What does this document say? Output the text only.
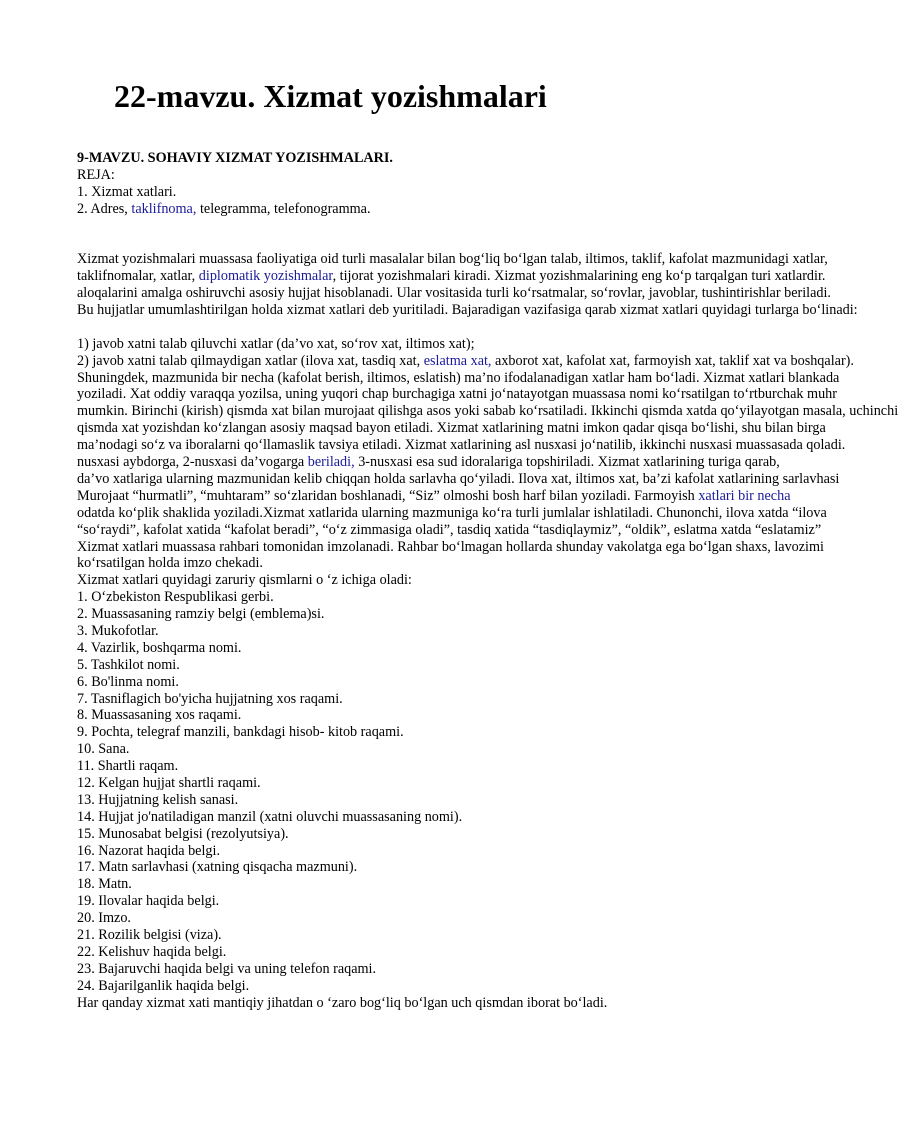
22-mavzu. Xizmat yozishmalari
9-MAVZU. SOHAVIY XIZMAT YOZISHMALARI.
REJA:
1. Xizmat xatlari.
2. Adres, taklifnoma, telegramma, telefonogramma.
Xizmat yozishmalari muassasa faoliyatiga oid turli masalalar bilan bog‘liq bo‘lgan talab, iltimos, taklif, kafolat mazmunidagi xatlar,
taklifnomalar, xatlar, diplomatik yozishmalar, tijorat yozishmalari kiradi. Xizmat yozishmalarining eng ko‘p tarqalgan turi xatlardir.
aloqalarini amalga oshiruvchi asosiy hujjat hisoblanadi. Ular vositasida turli ko‘rsatmalar, so‘rovlar, javoblar, tushintirishlar beriladi.
Bu hujjatlar umumlashtirilgan holda xizmat xatlari deb yuritiladi. Bajaradigan vazifasiga qarab xizmat xatlari quyidagi turlarga bo‘linadi:
1) javob xatni talab qiluvchi xatlar (da’vo xat, so‘rov xat, iltimos xat);
2) javob xatni talab qilmaydigan xatlar (ilova xat, tasdiq xat, eslatma xat, axborot xat, kafolat xat, farmoyish xat, taklif xat va boshqalar).
Shuningdek, mazmunida bir necha (kafolat berish, iltimos, eslatish) ma’no ifodalanadigan xatlar ham bo‘ladi. Xizmat xatlari blankada
yoziladi. Xat oddiy varaqqa yozilsa, uning yuqori chap burchagiga xatni jo‘natayotgan muassasa nomi ko‘rsatilgan to‘rtburchak muhr
mumkin. Birinchi (kirish) qismda xat bilan murojaat qilishga asos yoki sabab ko‘rsatiladi. Ikkinchi qismda xatda qo‘yilayotgan masala, uchinchi
qismda xat yozishdan ko‘zlangan asosiy maqsad bayon etiladi. Xizmat xatlarining matni imkon qadar qisqa bo‘lishi, shu bilan birga
ma’nodagi so‘z va iboralarni qo‘llamaslik tavsiya etiladi. Xizmat xatlarining asl nusxasi jo‘natilib, ikkinchi nusxasi muassasada qoladi.
nusxasi aybdorga, 2-nusxasi da’vogarga beriladi, 3-nusxasi esa sud idoralariga topshiriladi. Xizmat xatlarining turiga qarab,
da’vo xatlariga ularning mazmunidan kelib chiqqan holda sarlavha qo‘yiladi. Ilova xat, iltimos xat, ba’zi kafolat xatlarining sarlavhasi
Murojaat “hurmatli”, “muhtaram” so‘zlaridan boshlanadi, “Siz” olmoshi bosh harf bilan yoziladi. Farmoyish xatlari bir necha
odatda ko‘plik shaklida yoziladi.Xizmat xatlarida ularning mazmuniga ko‘ra turli jumlalar ishlatiladi. Chunonchi, ilova xatda “ilova
“so‘raydi”, kafolat xatida “kafolat beradi”, “o‘z zimmasiga oladi”, tasdiq xatida “tasdiqlaymiz”, “oldik”, eslatma xatda “eslatamiz”
Xizmat xatlari muassasa rahbari tomonidan imzolanadi. Rahbar bo‘lmagan hollarda shunday vakolatga ega bo‘lgan shaxs, lavozimi
ko‘rsatilgan holda imzo chekadi.
Xizmat xatlari quyidagi zaruriy qismlarni o ‘z ichiga oladi:
1. O‘zbekiston Respublikasi gerbi.
2. Muassasaning ramziy belgi (emblema)si.
3. Mukofotlar.
4. Vazirlik, boshqarma nomi.
5. Tashkilot nomi.
6. Bo'linma nomi.
7. Tasniflagich bo'yicha hujjatning xos raqami.
8. Muassasaning xos raqami.
9. Pochta, telegraf manzili, bankdagi hisob- kitob raqami.
10. Sana.
11. Shartli raqam.
12. Kelgan hujjat shartli raqami.
13. Hujjatning kelish sanasi.
14. Hujjat jo'natiladigan manzil (xatni oluvchi muassasaning nomi).
15. Munosabat belgisi (rezolyutsiya).
16. Nazorat haqida belgi.
17. Matn sarlavhasi (xatning qisqacha mazmuni).
18. Matn.
19. Ilovalar haqida belgi.
20. Imzo.
21. Rozilik belgisi (viza).
22. Kelishuv haqida belgi.
23. Bajaruvchi haqida belgi va uning telefon raqami.
24. Bajarilganlik haqida belgi.
Har qanday xizmat xati mantiqiy jihatdan o ‘zaro bog‘liq bo‘lgan uch qismdan iborat bo‘ladi.
